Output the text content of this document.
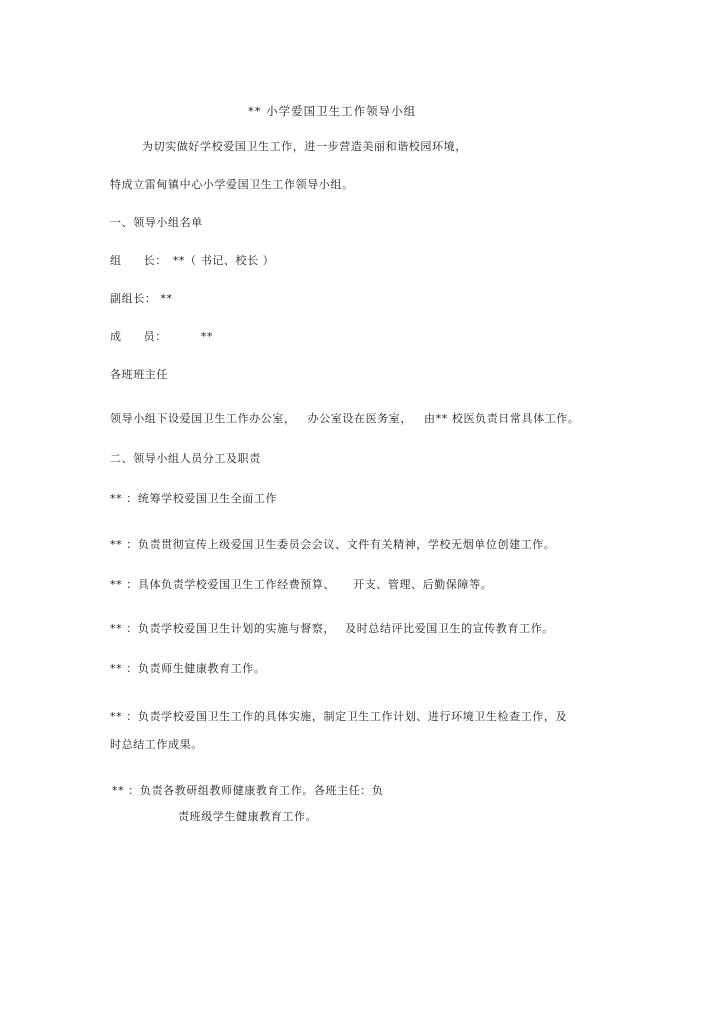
** 小学爱国卫生工作领导小组
为切实做好学校爱国卫生工作，进一步营造美丽和谐校园环境，
特成立雷甸镇中心小学爱国卫生工作领导小组。
一、领导小组名单
组 长： **（ 书记、校长 ）
副组长： **
成 员：	**
各班班主任
领导小组下设爱国卫生工作办公室， 办公室设在医务室， 由** 校医负责日常具体工作。
二、领导小组人员分工及职责
** ：统筹学校爱国卫生全面工作
** ：负责贯彻宣传上级爱国卫生委员会会议、文件有关精神，学校无烟单位创建工作。
** ：具体负责学校爱国卫生工作经费预算、 开支、管理、后勤保障等。
** ：负责学校爱国卫生计划的实施与督察， 及时总结评比爱国卫生的宣传教育工作。
** ：负责师生健康教育工作。
** ：负责学校爱国卫生工作的具体实施，制定卫生工作计划、进行环境卫生检查工作，及
时总结工作成果。
** ：负责各教研组教师健康教育工作。各班主任：负
责班级学生健康教育工作。
